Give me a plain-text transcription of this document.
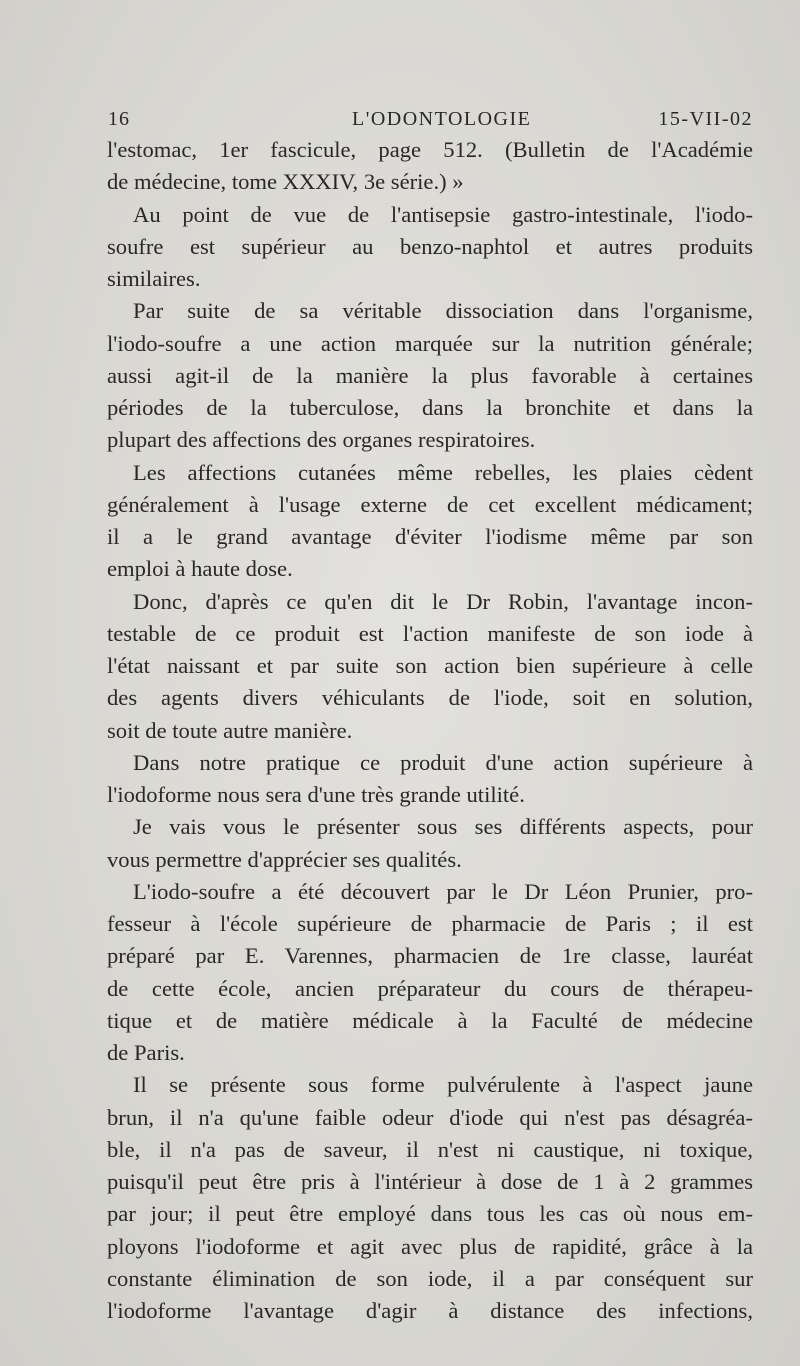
16	L'ODONTOLOGIE	15-VII-02
l'estomac, 1er fascicule, page 512. (Bulletin de l'Académie
de médecine, tome XXXIV, 3e série.) »
Au point de vue de l'antisepsie gastro-intestinale, l'iodo-
soufre est supérieur au benzo-naphtol et autres produits
similaires.
Par suite de sa véritable dissociation dans l'organisme,
l'iodo-soufre a une action marquée sur la nutrition générale;
aussi agit-il de la manière la plus favorable à certaines
périodes de la tuberculose, dans la bronchite et dans la
plupart des affections des organes respiratoires.
Les affections cutanées même rebelles, les plaies cèdent
généralement à l'usage externe de cet excellent médicament;
il a le grand avantage d'éviter l'iodisme même par son
emploi à haute dose.
Donc, d'après ce qu'en dit le Dr Robin, l'avantage incon-
testable de ce produit est l'action manifeste de son iode à
l'état naissant et par suite son action bien supérieure à celle
des agents divers véhiculants de l'iode, soit en solution,
soit de toute autre manière.
Dans notre pratique ce produit d'une action supérieure à
l'iodoforme nous sera d'une très grande utilité.
Je vais vous le présenter sous ses différents aspects, pour
vous permettre d'apprécier ses qualités.
L'iodo-soufre a été découvert par le Dr Léon Prunier, pro-
fesseur à l'école supérieure de pharmacie de Paris ; il est
préparé par E. Varennes, pharmacien de 1re classe, lauréat
de cette école, ancien préparateur du cours de thérapeu-
tique et de matière médicale à la Faculté de médecine
de Paris.
Il se présente sous forme pulvérulente à l'aspect jaune
brun, il n'a qu'une faible odeur d'iode qui n'est pas désagréa-
ble, il n'a pas de saveur, il n'est ni caustique, ni toxique,
puisqu'il peut être pris à l'intérieur à dose de 1 à 2 grammes
par jour; il peut être employé dans tous les cas où nous em-
ployons l'iodoforme et agit avec plus de rapidité, grâce à la
constante élimination de son iode, il a par conséquent sur
l'iodoforme l'avantage d'agir à distance des infections,
